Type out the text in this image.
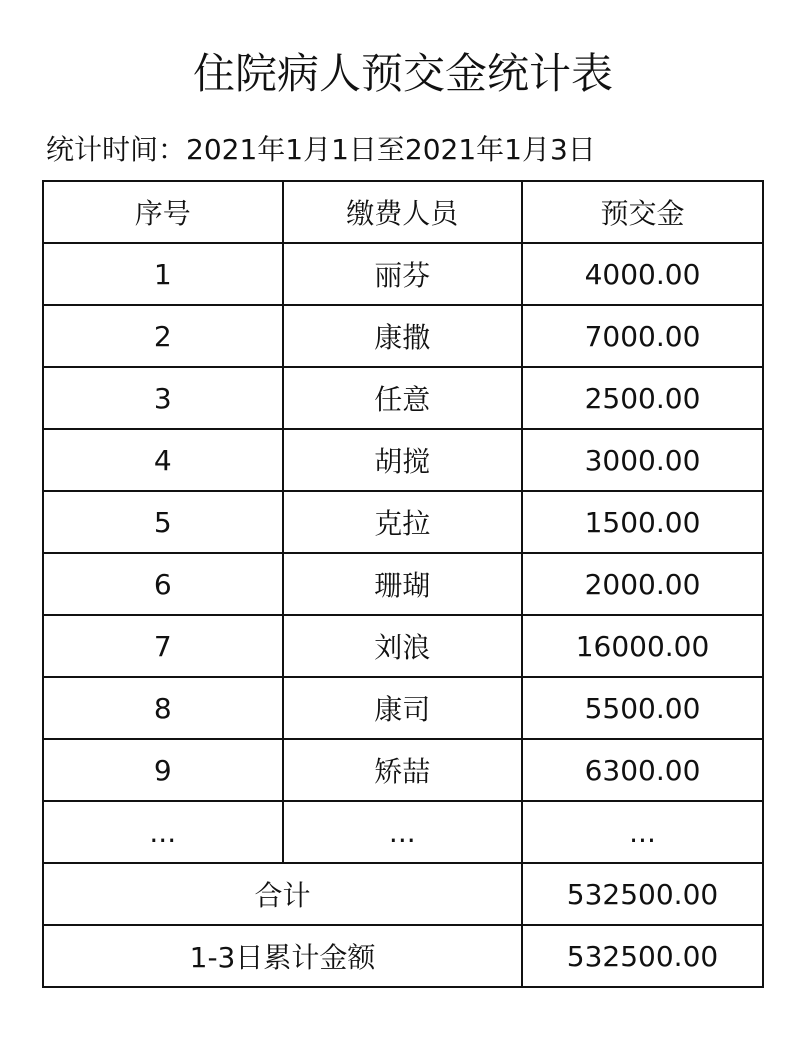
住院病人预交金统计表
统计时间：2021年1月1日至2021年1月3日
序号	缴费人员	预交金
1	丽芬	4000.00
2	康撒	7000.00
3	任意	2500.00
4	胡搅	3000.00
5	克拉	1500.00
6	珊瑚	2000.00
7	刘浪	16000.00
8	康司	5500.00
9	矫喆	6300.00
...	...	...
合计		532500.00
1-3日累计金额		532500.00
